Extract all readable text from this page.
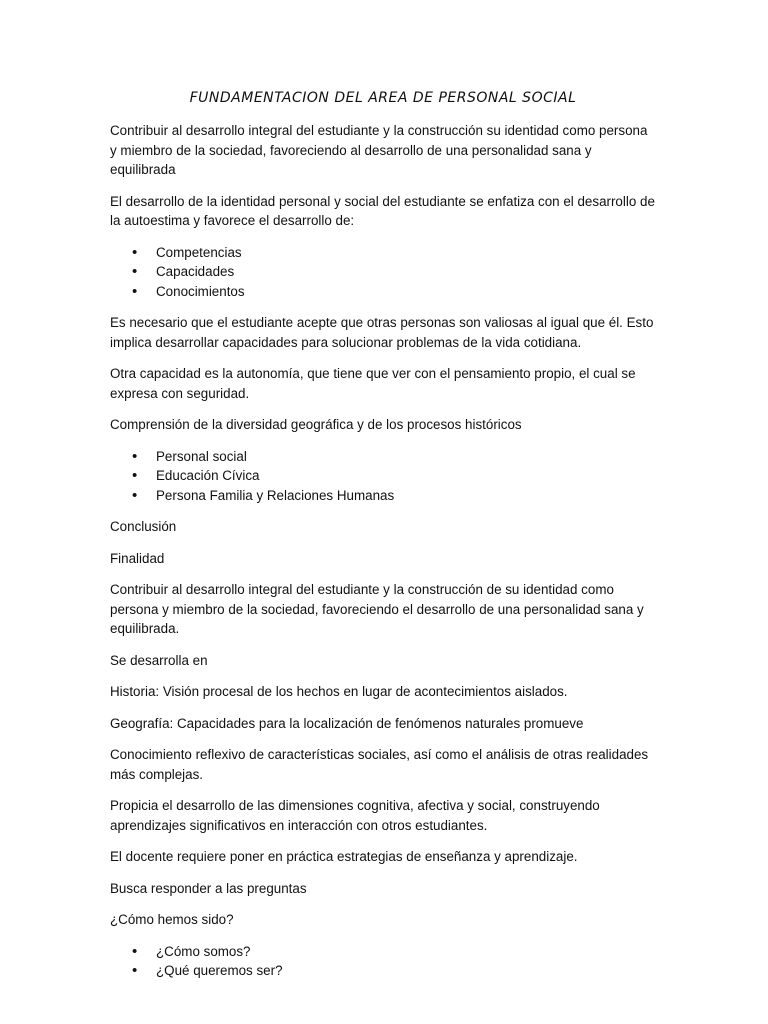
FUNDAMENTACION DEL AREA DE PERSONAL SOCIAL

Contribuir al desarrollo integral del estudiante y la construcción su identidad como persona y miembro de la sociedad, favoreciendo al desarrollo de una personalidad sana y equilibrada

El desarrollo de la identidad personal y social del estudiante se enfatiza con el desarrollo de la autoestima y favorece el desarrollo de:

• Competencias
• Capacidades
• Conocimientos

Es necesario que el estudiante acepte que otras personas son valiosas al igual que él. Esto implica desarrollar capacidades para solucionar problemas de la vida cotidiana.

Otra capacidad es la autonomía, que tiene que ver con el pensamiento propio, el cual se expresa con seguridad.

Comprensión de la diversidad geográfica y de los procesos históricos

• Personal social
• Educación Cívica
• Persona Familia y Relaciones Humanas

Conclusión

Finalidad

Contribuir al desarrollo integral del estudiante y la construcción de su identidad como persona y miembro de la sociedad, favoreciendo el desarrollo de una personalidad sana y equilibrada.

Se desarrolla en

Historia: Visión procesal de los hechos en lugar de acontecimientos aislados.

Geografía: Capacidades para la localización de fenómenos naturales promueve

Conocimiento reflexivo de características sociales, así como el análisis de otras realidades más complejas.

Propicia el desarrollo de las dimensiones cognitiva, afectiva y social, construyendo aprendizajes significativos en interacción con otros estudiantes.

El docente requiere poner en práctica estrategias de enseñanza y aprendizaje.

Busca responder a las preguntas

¿Cómo hemos sido?

• ¿Cómo somos?
• ¿Qué queremos ser?
